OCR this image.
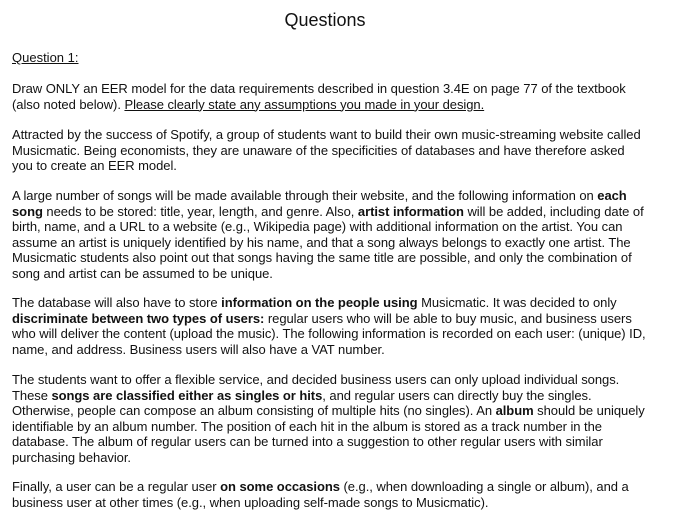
Questions
Question 1:
Draw ONLY an EER model for the data requirements described in question 3.4E on page 77 of the textbook (also noted below). Please clearly state any assumptions you made in your design.
Attracted by the success of Spotify, a group of students want to build their own music-streaming website called Musicmatic. Being economists, they are unaware of the specificities of databases and have therefore asked you to create an EER model.
A large number of songs will be made available through their website, and the following information on each song needs to be stored: title, year, length, and genre. Also, artist information will be added, including date of birth, name, and a URL to a website (e.g., Wikipedia page) with additional information on the artist. You can assume an artist is uniquely identified by his name, and that a song always belongs to exactly one artist. The Musicmatic students also point out that songs having the same title are possible, and only the combination of song and artist can be assumed to be unique.
The database will also have to store information on the people using Musicmatic. It was decided to only discriminate between two types of users: regular users who will be able to buy music, and business users who will deliver the content (upload the music). The following information is recorded on each user: (unique) ID, name, and address. Business users will also have a VAT number.
The students want to offer a flexible service, and decided business users can only upload individual songs. These songs are classified either as singles or hits, and regular users can directly buy the singles. Otherwise, people can compose an album consisting of multiple hits (no singles). An album should be uniquely identifiable by an album number. The position of each hit in the album is stored as a track number in the database. The album of regular users can be turned into a suggestion to other regular users with similar purchasing behavior.
Finally, a user can be a regular user on some occasions (e.g., when downloading a single or album), and a business user at other times (e.g., when uploading self-made songs to Musicmatic).
